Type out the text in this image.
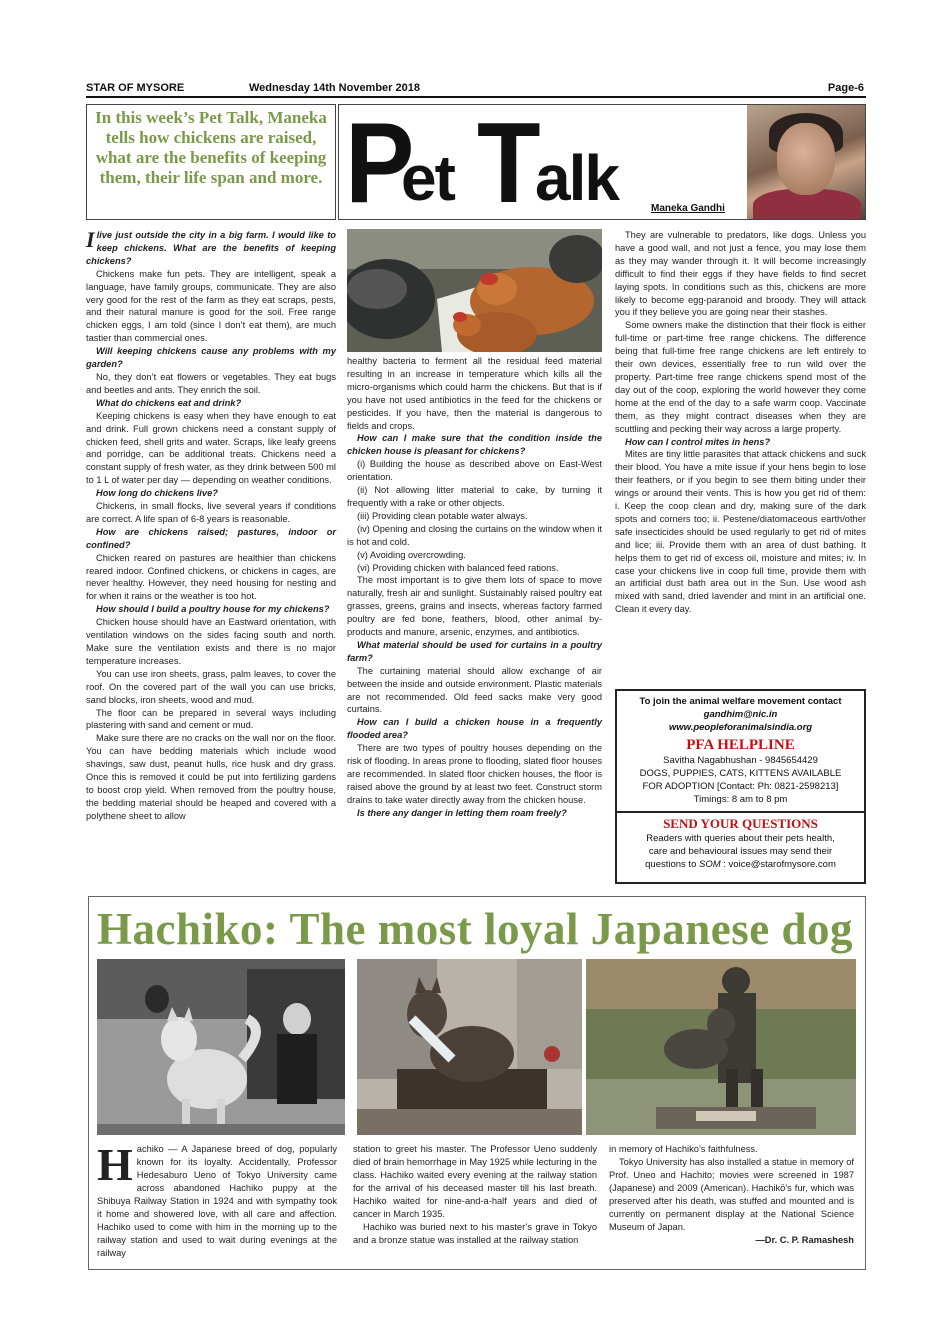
STAR OF MYSORE	Wednesday 14th November 2018	Page-6
In this week’s Pet Talk, Maneka tells how chickens are raised, what are the benefits of keeping them, their life span and more. P
et T
alk	Maneka Gandhi

Ilive just outside the city in a big farm. I would like to keep chickens. What are the benefits of keeping chickens?

Chickens make fun pets. They are intelligent, speak a language, have family groups, communicate. They are also very good for the rest of the farm as they eat scraps, pests, and their natural manure is good for the soil. Free range chicken eggs, I am told (since I don’t eat them), are much tastier than commercial ones.

Will keeping chickens cause any problems with my garden?

No, they don’t eat flowers or vegetables. They eat bugs and beetles and ants. They enrich the soil.

What do chickens eat and drink?

Keeping chickens is easy when they have enough to eat and drink. Full grown chickens need a constant supply of chicken feed, shell grits and water. Scraps, like leafy greens and porridge, can be additional treats. Chickens need a constant supply of fresh water, as they drink between 500 ml to 1 L of water per day — depending on weather conditions.

How long do chickens live?

Chickens, in small flocks, live several years if conditions are correct. A life span of 6-8 years is reasonable.

How are chickens raised; pastures, indoor or confined?

Chicken reared on pastures are healthier than chickens reared indoor. Confined chickens, or chickens in cages, are never healthy. However, they need housing for nesting and for when it rains or the weather is too hot.

How should I build a poultry house for my chickens?

Chicken house should have an Eastward orientation, with ventilation windows on the sides facing south and north. Make sure the ventilation exists and there is no major temperature increases.

You can use iron sheets, grass, palm leaves, to cover the roof. On the covered part of the wall you can use bricks, sand blocks, iron sheets, wood and mud.

The floor can be prepared in several ways including plastering with sand and cement or mud.

Make sure there are no cracks on the wall nor on the floor. You can have bedding materials which include wood shavings, saw dust, peanut hulls, rice husk and dry grass. Once this is removed it could be put into fertilizing gardens to boost crop yield. When removed from the poultry house, the bedding material should be heaped and covered with a polythene sheet to allow

healthy bacteria to ferment all the residual feed material resulting in an increase in temperature which kills all the micro-organisms which could harm the chickens. But that is if you have not used antibiotics in the feed for the chickens or pesticides. If you have, then the material is dangerous to fields and crops.

How can I make sure that the condition inside the chicken house is pleasant for chickens?

(i) Building the house as described above on East-West orientation.

(ii) Not allowing litter material to cake, by turning it frequently with a rake or other objects.

(iii) Providing clean potable water always.

(iv) Opening and closing the curtains on the window when it is hot and cold.

(v) Avoiding overcrowding.

(vi) Providing chicken with balanced feed rations.

The most important is to give them lots of space to move naturally, fresh air and sunlight. Sustainably raised poultry eat grasses, greens, grains and insects, whereas factory farmed poultry are fed bone, feathers, blood, other animal by-products and manure, arsenic, enzymes, and antibiotics.

What material should be used for curtains in a poultry farm?

The curtaining material should allow exchange of air between the inside and outside environment. Plastic materials are not recommended. Old feed sacks make very good curtains.

How can I build a chicken house in a frequently flooded area?

There are two types of poultry houses depending on the risk of flooding. In areas prone to flooding, slated floor houses are recommended. In slated floor chicken houses, the floor is raised above the ground by at least two feet. Construct storm drains to take water directly away from the chicken house.

Is there any danger in letting them roam freely?

They are vulnerable to predators, like dogs. Unless you have a good wall, and not just a fence, you may lose them as they may wander through it. It will become increasingly difficult to find their eggs if they have fields to find secret laying spots. In conditions such as this, chickens are more likely to become egg-paranoid and broody. They will attack you if they believe you are going near their stashes.

Some owners make the distinction that their flock is either full-time or part-time free range chickens. The difference being that full-time free range chickens are left entirely to their own devices, essentially free to run wild over the property. Part-time free range chickens spend most of the day out of the coop, exploring the world however they come home at the end of the day to a safe warm coop. Vaccinate them, as they might contract diseases when they are scuttling and pecking their way across a large property.

How can I control mites in hens?

Mites are tiny little parasites that attack chickens and suck their blood. You have a mite issue if your hens begin to lose their feathers, or if you begin to see them biting under their wings or around their vents. This is how you get rid of them: i. Keep the coop clean and dry, making sure of the dark spots and corners too; ii. Pestene/diatomaceous earth/other safe insecticides should be used regularly to get rid of mites and lice; iii. Provide them with an area of dust bathing. It helps them to get rid of excess oil, moisture and mites; iv. In case your chickens live in coop full time, provide them with an artificial dust bath area out in the Sun. Use wood ash mixed with sand, dried lavender and mint in an artificial one. Clean it every day.

To join the animal welfare movement contact
gandhim@nic.in
www.peopleforanimalsindia.org
PFA HELPLINE
Savitha Nagabhushan - 9845654429
DOGS, PUPPIES, CATS, KITTENS AVAILABLE
FOR ADOPTION [Contact: Ph: 0821-2598213]
Timings: 8 am to 8 pm
SEND YOUR QUESTIONS
Readers with queries about their pets health,
care and behavioural issues may send their
questions to SOM : voice@starofmysore.com
Hachiko: The most loyal Japanese dog
Hachiko — A Japanese breed of dog, popularly known for its loyalty. Accidentally, Professor Hedesaburo Ueno of Tokyo University came across abandoned Hachiko puppy at the Shibuya Railway Station in 1924 and with sympathy took it home and showered love, with all care and affection. Hachiko used to come with him in the morning up to the railway station and used to wait during evenings at the railway

station to greet his master. The Professor Ueno suddenly died of brain hemorrhage in May 1925 while lecturing in the class. Hachiko waited every evening at the railway station for the arrival of his deceased master till his last breath. Hachiko waited for nine-and-a-half years and died of cancer in March 1935.

Hachiko was buried next to his master’s grave in Tokyo and a bronze statue was installed at the railway station

in memory of Hachiko’s faithfulness.

Tokyo University has also installed a statue in memory of Prof. Uneo and Hachito; movies were screened in 1987 (Japanese) and 2009 (American). Hachikō’s fur, which was preserved after his death, was stuffed and mounted and is currently on permanent display at the National Science Museum of Japan.

—Dr. C. P. Ramashesh
